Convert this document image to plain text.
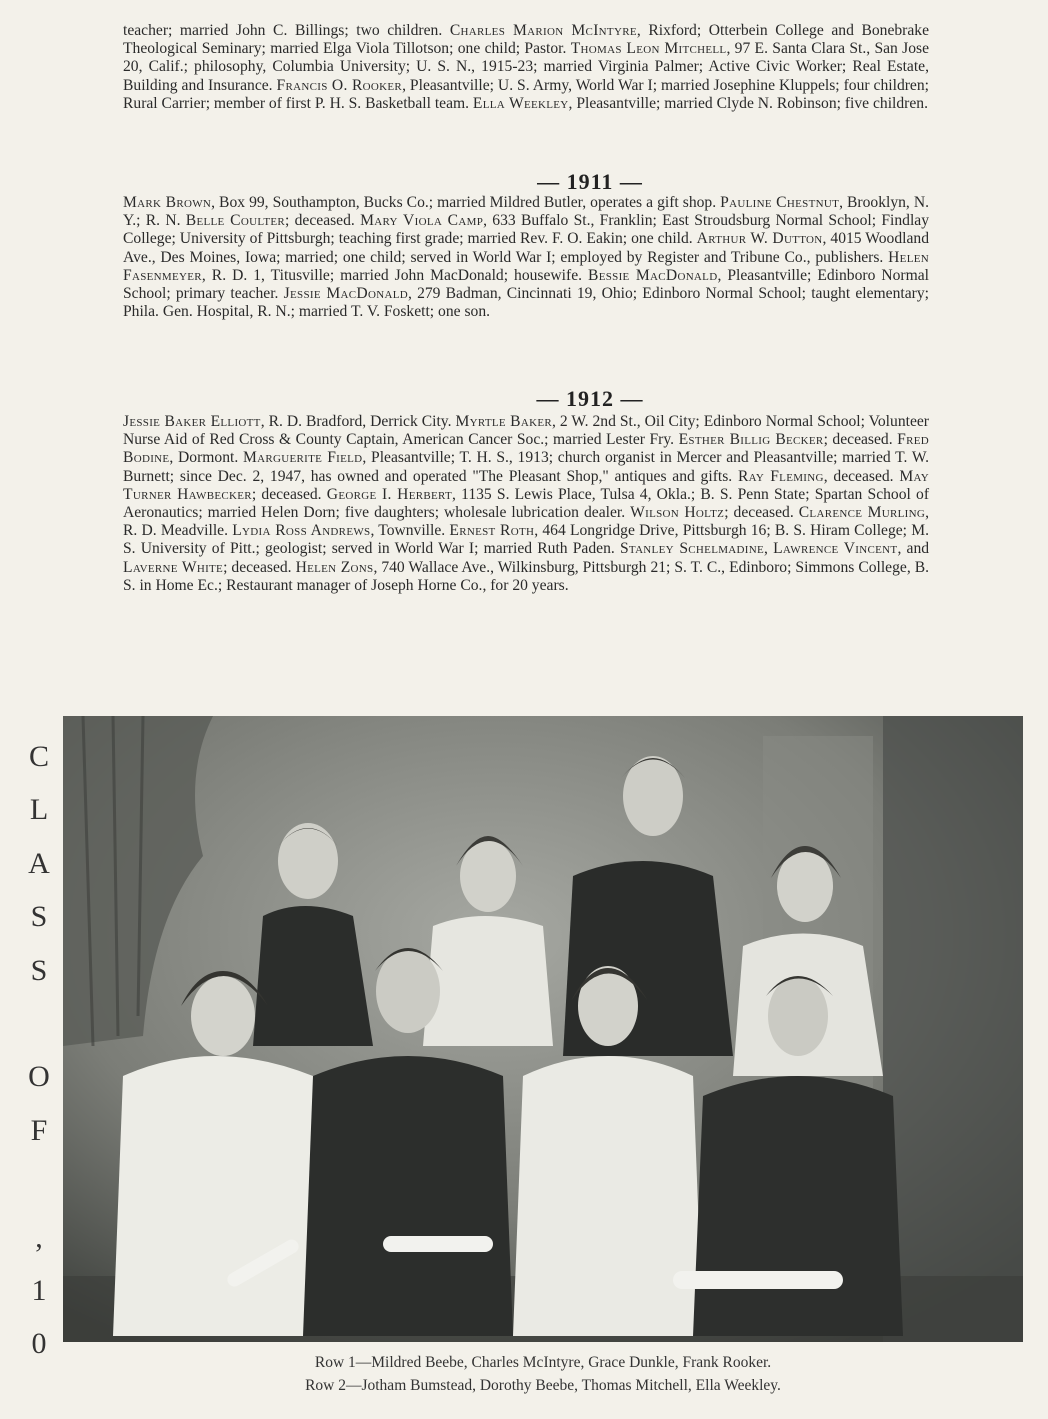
teacher; married John C. Billings; two children. Charles Marion McIntyre, Rixford; Otterbein College and Bonebrake Theological Seminary; married Elga Viola Tillotson; one child; Pastor. Thomas Leon Mitchell, 97 E. Santa Clara St., San Jose 20, Calif.; philosophy, Columbia University; U. S. N., 1915-23; married Virginia Palmer; Active Civic Worker; Real Estate, Building and Insurance. Francis O. Rooker, Pleasantville; U. S. Army, World War I; married Josephine Kluppels; four children; Rural Carrier; member of first P. H. S. Basketball team. Ella Weekley, Pleasantville; married Clyde N. Robinson; five children.

— 1911 —

Mark Brown, Box 99, Southampton, Bucks Co.; married Mildred Butler, operates a gift shop. Pauline Chestnut, Brooklyn, N. Y.; R. N. Belle Coulter; deceased. Mary Viola Camp, 633 Buffalo St., Franklin; East Stroudsburg Normal School; Findlay College; University of Pittsburgh; teaching first grade; married Rev. F. O. Eakin; one child. Arthur W. Dutton, 4015 Woodland Ave., Des Moines, Iowa; married; one child; served in World War I; employed by Register and Tribune Co., publishers. Helen Fasenmeyer, R. D. 1, Titusville; married John MacDonald; housewife. Bessie MacDonald, Pleasantville; Edinboro Normal School; primary teacher. Jessie MacDonald, 279 Badman, Cincinnati 19, Ohio; Edinboro Normal School; taught elementary; Phila. Gen. Hospital, R. N.; married T. V. Foskett; one son.

— 1912 —

Jessie Baker Elliott, R. D. Bradford, Derrick City. Myrtle Baker, 2 W. 2nd St., Oil City; Edinboro Normal School; Volunteer Nurse Aid of Red Cross & County Captain, American Cancer Soc.; married Lester Fry. Esther Billig Becker; deceased. Fred Bodine, Dormont. Marguerite Field, Pleasantville; T. H. S., 1913; church organist in Mercer and Pleasantville; married T. W. Burnett; since Dec. 2, 1947, has owned and operated "The Pleasant Shop," antiques and gifts. Ray Fleming, deceased. May Turner Hawbecker; deceased. George I. Herbert, 1135 S. Lewis Place, Tulsa 4, Okla.; B. S. Penn State; Spartan School of Aeronautics; married Helen Dorn; five daughters; wholesale lubrication dealer. Wilson Holtz; deceased. Clarence Murling, R. D. Meadville. Lydia Ross Andrews, Townville. Ernest Roth, 464 Longridge Drive, Pittsburgh 16; B. S. Hiram College; M. S. University of Pitt.; geologist; served in World War I; married Ruth Paden. Stanley Schelmadine, Lawrence Vincent, and Laverne White; deceased. Helen Zons, 740 Wallace Ave., Wilkinsburg, Pittsburgh 21; S. T. C., Edinboro; Simmons College, B. S. in Home Ec.; Restaurant manager of Joseph Horne Co., for 20 years.

C
L
A
S
S

O
F

,
1
0
Row 1—Mildred Beebe, Charles McIntyre, Grace Dunkle, Frank Rooker.
Row 2—Jotham Bumstead, Dorothy Beebe, Thomas Mitchell, Ella Weekley.
